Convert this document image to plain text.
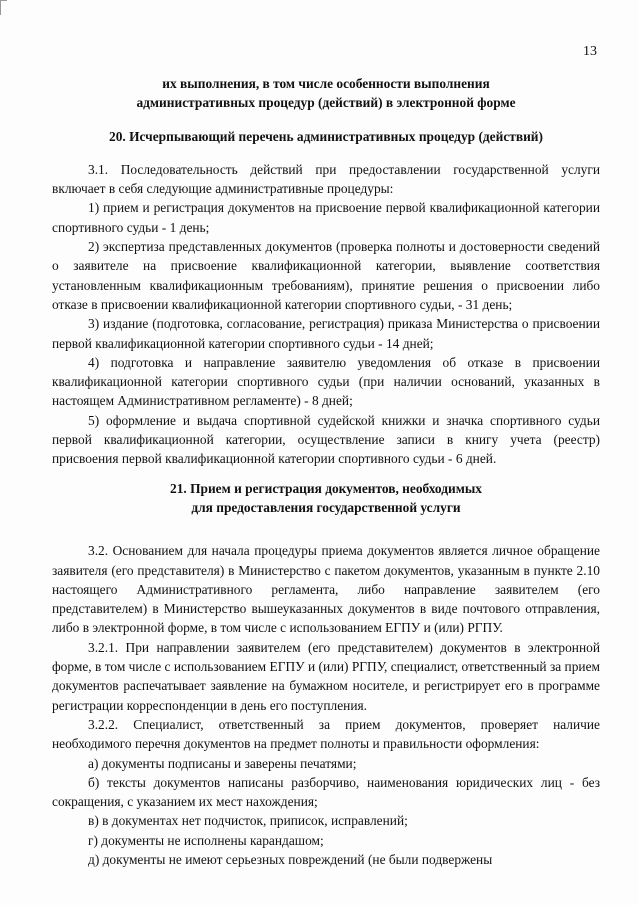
13
их выполнения, в том числе особенности выполнения
административных процедур (действий) в электронной форме
20. Исчерпывающий перечень административных процедур (действий)

3.1. Последовательность действий при предоставлении государственной услуги включает в себя следующие административные процедуры:

1) прием и регистрация документов на присвоение первой квалификационной категории спортивного судьи - 1 день;

2) экспертиза представленных документов (проверка полноты и достоверности сведений о заявителе на присвоение квалификационной категории, выявление соответствия установленным квалификационным требованиям), принятие решения о присвоении либо отказе в присвоении квалификационной категории спортивного судьи, - 31 день;

3) издание (подготовка, согласование, регистрация) приказа Министерства о присвоении первой квалификационной категории спортивного судьи - 14 дней;

4) подготовка и направление заявителю уведомления об отказе в присвоении квалификационной категории спортивного судьи (при наличии оснований, указанных в настоящем Административном регламенте) - 8 дней;

5) оформление и выдача спортивной судейской книжки и значка спортивного судьи первой квалификационной категории, осуществление записи в книгу учета (реестр) присвоения первой квалификационной категории спортивного судьи - 6 дней.

21. Прием и регистрация документов, необходимых
для предоставления государственной услуги

3.2. Основанием для начала процедуры приема документов является личное обращение заявителя (его представителя) в Министерство с пакетом документов, указанным в пункте 2.10 настоящего Административного регламента, либо направление заявителем (его представителем) в Министерство вышеуказанных документов в виде почтового отправления, либо в электронной форме, в том числе с использованием ЕГПУ и (или) РГПУ.

3.2.1. При направлении заявителем (его представителем) документов в электронной форме, в том числе с использованием ЕГПУ и (или) РГПУ, специалист, ответственный за прием документов распечатывает заявление на бумажном носителе, и регистрирует его в программе регистрации корреспонденции в день его поступления.

3.2.2. Специалист, ответственный за прием документов, проверяет наличие необходимого перечня документов на предмет полноты и правильности оформления:

а) документы подписаны и заверены печатями;

б) тексты документов написаны разборчиво, наименования юридических лиц - без сокращения, с указанием их мест нахождения;

в) в документах нет подчисток, приписок, исправлений;

г) документы не исполнены карандашом;

д) документы не имеют серьезных повреждений (не были подвержены
